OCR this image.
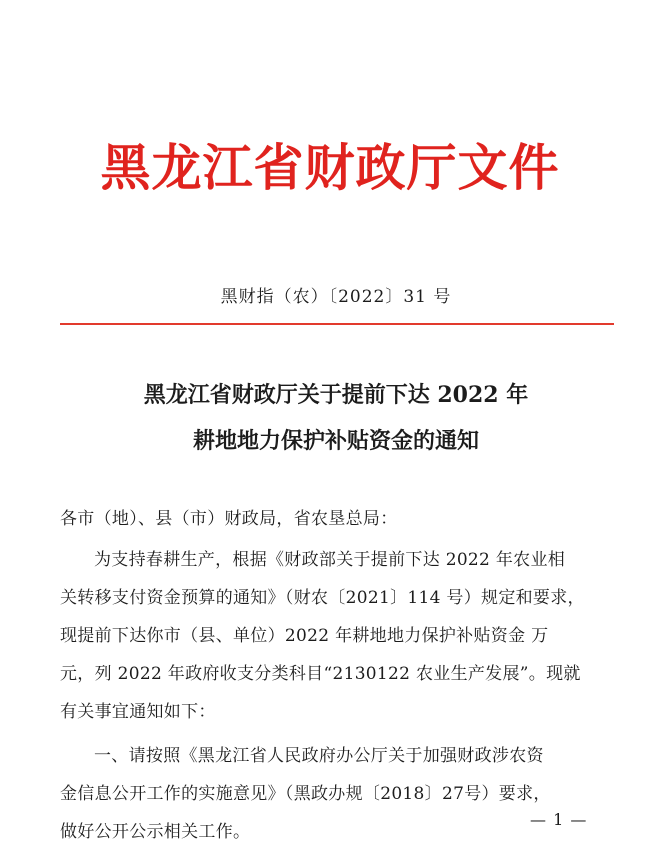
黑龙江省财政厅文件
黑财指（农）〔2022〕31 号
黑龙江省财政厅关于提前下达 2022 年
耕地地力保护补贴资金的通知
各市（地）、县（市）财政局，省农垦总局：
为支持春耕生产，根据《财政部关于提前下达 2022 年农业相
关转移支付资金预算的通知》（财农〔2021〕114 号）规定和要求，
现提前下达你市（县、单位）2022 年耕地地力保护补贴资金 万
元，列 2022 年政府收支分类科目“2130122 农业生产发展”。现就
有关事宜通知如下：
一、请按照《黑龙江省人民政府办公厅关于加强财政涉农资
金信息公开工作的实施意见》（黑政办规〔2018〕27号）要求，
做好公开公示相关工作。
— 1 —
